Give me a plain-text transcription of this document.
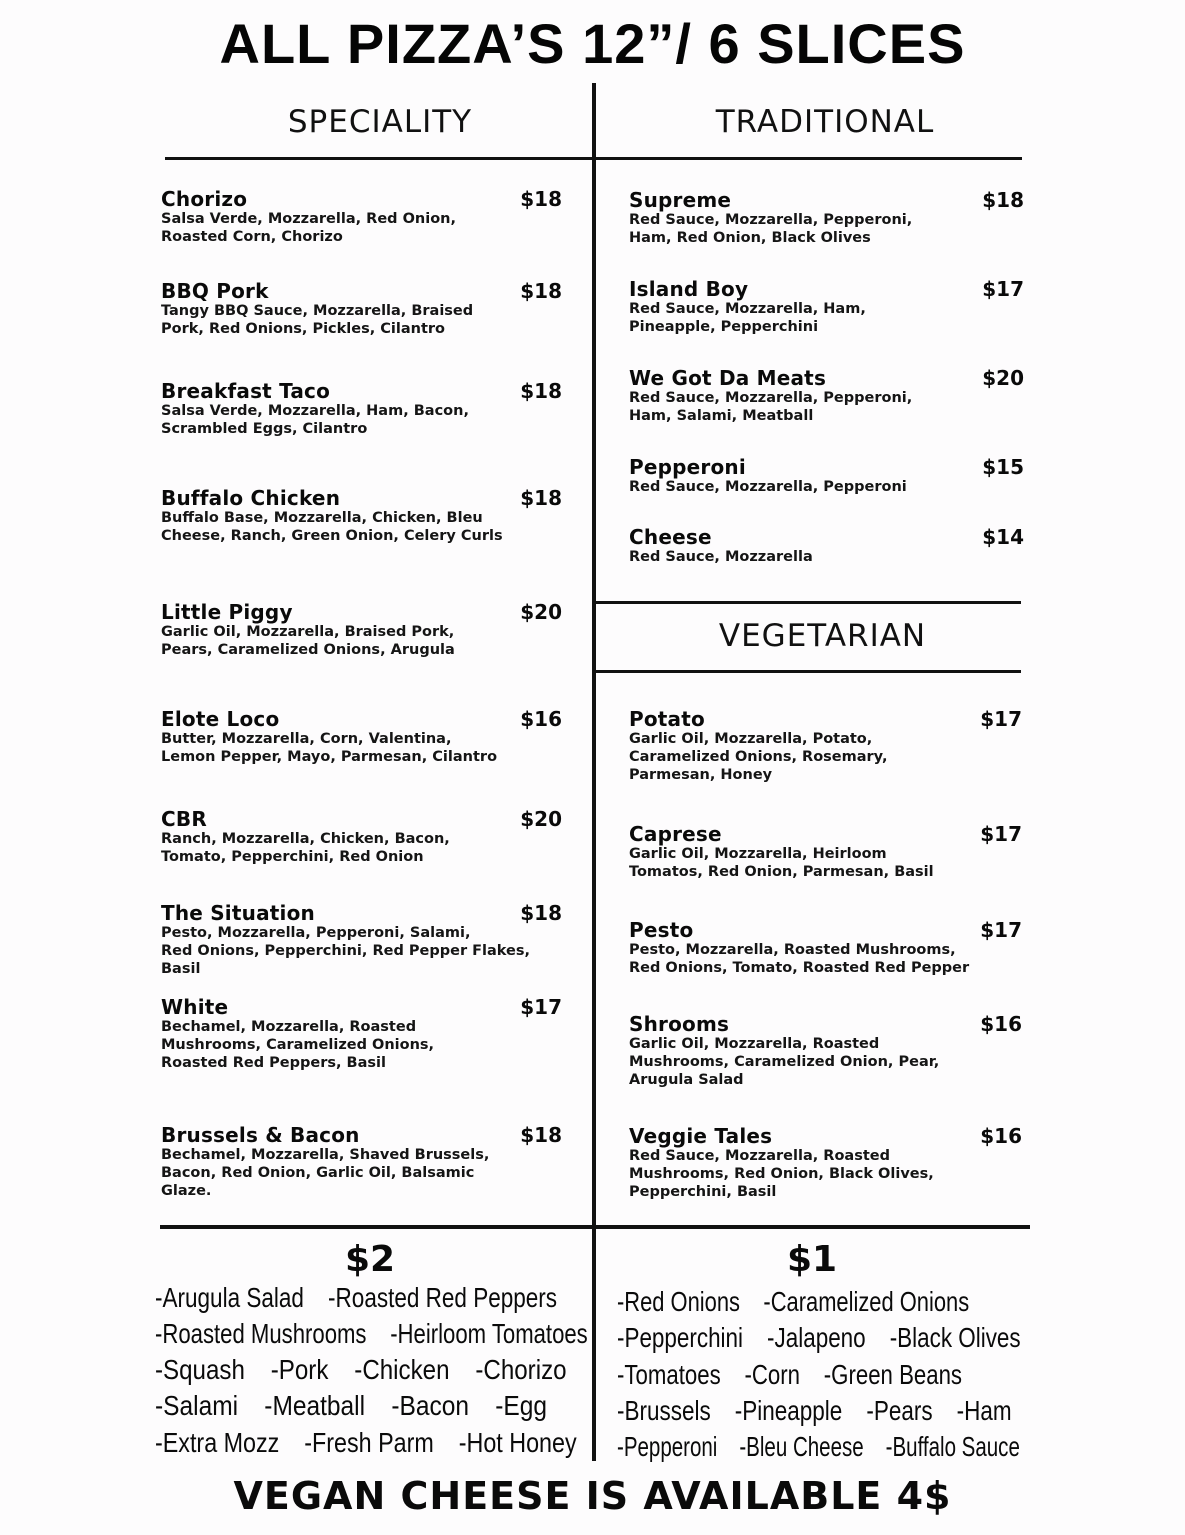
ALL PIZZA’S 12”/ 6 SLICES
SPECIALITY	TRADITIONAL
VEGETARIAN
Chorizo	$18
Salsa Verde, Mozzarella, Red Onion,
Roasted Corn, Chorizo
BBQ Pork	$18
Tangy BBQ Sauce, Mozzarella, Braised
Pork, Red Onions, Pickles, Cilantro
Breakfast Taco	$18
Salsa Verde, Mozzarella, Ham, Bacon,
Scrambled Eggs, Cilantro
Buffalo Chicken	$18
Buffalo Base, Mozzarella, Chicken, Bleu
Cheese, Ranch, Green Onion, Celery Curls
Little Piggy	$20
Garlic Oil, Mozzarella, Braised Pork,
Pears, Caramelized Onions, Arugula
Elote Loco	$16
Butter, Mozzarella, Corn, Valentina,
Lemon Pepper, Mayo, Parmesan, Cilantro
CBR	$20
Ranch, Mozzarella, Chicken, Bacon,
Tomato, Pepperchini, Red Onion
The Situation	$18
Pesto, Mozzarella, Pepperoni, Salami,
Red Onions, Pepperchini, Red Pepper Flakes,
Basil
White	$17
Bechamel, Mozzarella, Roasted
Mushrooms, Caramelized Onions,
Roasted Red Peppers, Basil
Brussels & Bacon	$18
Bechamel, Mozzarella, Shaved Brussels,
Bacon, Red Onion, Garlic Oil, Balsamic
Glaze.
Supreme	$18
Red Sauce, Mozzarella, Pepperoni,
Ham, Red Onion, Black Olives
Island Boy	$17
Red Sauce, Mozzarella, Ham,
Pineapple, Pepperchini
We Got Da Meats	$20
Red Sauce, Mozzarella, Pepperoni,
Ham, Salami, Meatball
Pepperoni	$15
Red Sauce, Mozzarella, Pepperoni
Cheese	$14
Red Sauce, Mozzarella
Potato	$17
Garlic Oil, Mozzarella, Potato,
Caramelized Onions, Rosemary,
Parmesan, Honey
Caprese	$17
Garlic Oil, Mozzarella, Heirloom
Tomatos, Red Onion, Parmesan, Basil
Pesto	$17
Pesto, Mozzarella, Roasted Mushrooms,
Red Onions, Tomato, Roasted Red Pepper
Shrooms	$16
Garlic Oil, Mozzarella, Roasted
Mushrooms, Caramelized Onion, Pear,
Arugula Salad
Veggie Tales	$16
Red Sauce, Mozzarella, Roasted
Mushrooms, Red Onion, Black Olives,
Pepperchini, Basil
$2	$1
-Arugula Salad -Roasted Red Peppers
-Roasted Mushrooms -Heirloom Tomatoes
-Squash -Pork -Chicken -Chorizo
-Salami -Meatball -Bacon -Egg
-Extra Mozz -Fresh Parm -Hot Honey
-Red Onions -Caramelized Onions
-Pepperchini -Jalapeno -Black Olives
-Tomatoes -Corn -Green Beans
-Brussels -Pineapple -Pears -Ham
-Pepperoni -Bleu Cheese -Buffalo Sauce
VEGAN CHEESE IS AVAILABLE 4$
